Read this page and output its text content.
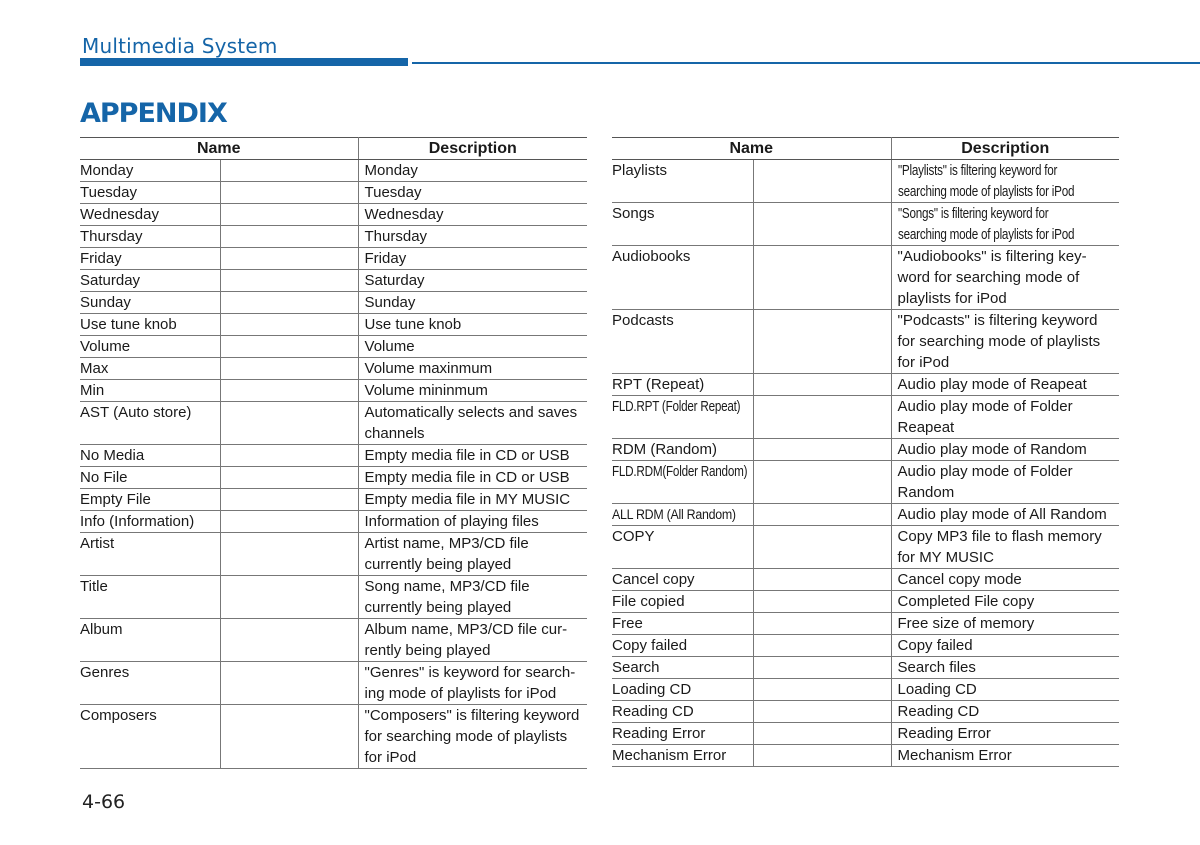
Multimedia System
APPENDIX
Name		Description
Monday		Monday

Tuesday		Tuesday

Wednesday		Wednesday

Thursday		Thursday

Friday		Friday

Saturday		Saturday

Sunday		Sunday

Use tune knob		Use tune knob

Volume		Volume

Max		Volume maxinmum

Min		Volume mininmum

AST (Auto store)		Automatically selects and saves
channels

No Media		Empty media file in CD or USB

No File		Empty media file in CD or USB

Empty File		Empty media file in MY MUSIC

Info (Information)		Information of playing files

Artist		Artist name, MP3/CD file
currently being played

Title		Song name, MP3/CD file
currently being played

Album		Album name, MP3/CD file cur-
rently being played

Genres		"Genres" is keyword for search-
ing mode of playlists for iPod

Composers		"Composers" is filtering keyword
for searching mode of playlists
for iPod
Name		Description
Playlists		"Playlists" is filtering keyword for
searching mode of playlists for iPod

Songs		"Songs" is filtering keyword for
searching mode of playlists for iPod

Audiobooks		"Audiobooks" is filtering key-
word for searching mode of
playlists for iPod

Podcasts		"Podcasts" is filtering keyword
for searching mode of playlists
for iPod

RPT (Repeat)		Audio play mode of Reapeat

FLD.RPT (Folder Repeat)		Audio play mode of Folder
Reapeat

RDM (Random)		Audio play mode of Random

FLD.RDM(Folder Random)		Audio play mode of Folder
Random

ALL RDM (All Random)		Audio play mode of All Random

COPY		Copy MP3 file to flash memory
for MY MUSIC

Cancel copy		Cancel copy mode

File copied		Completed File copy

Free		Free size of memory

Copy failed		Copy failed

Search		Search files

Loading CD		Loading CD

Reading CD		Reading CD

Reading Error		Reading Error

Mechanism Error		Mechanism Error
4-66
